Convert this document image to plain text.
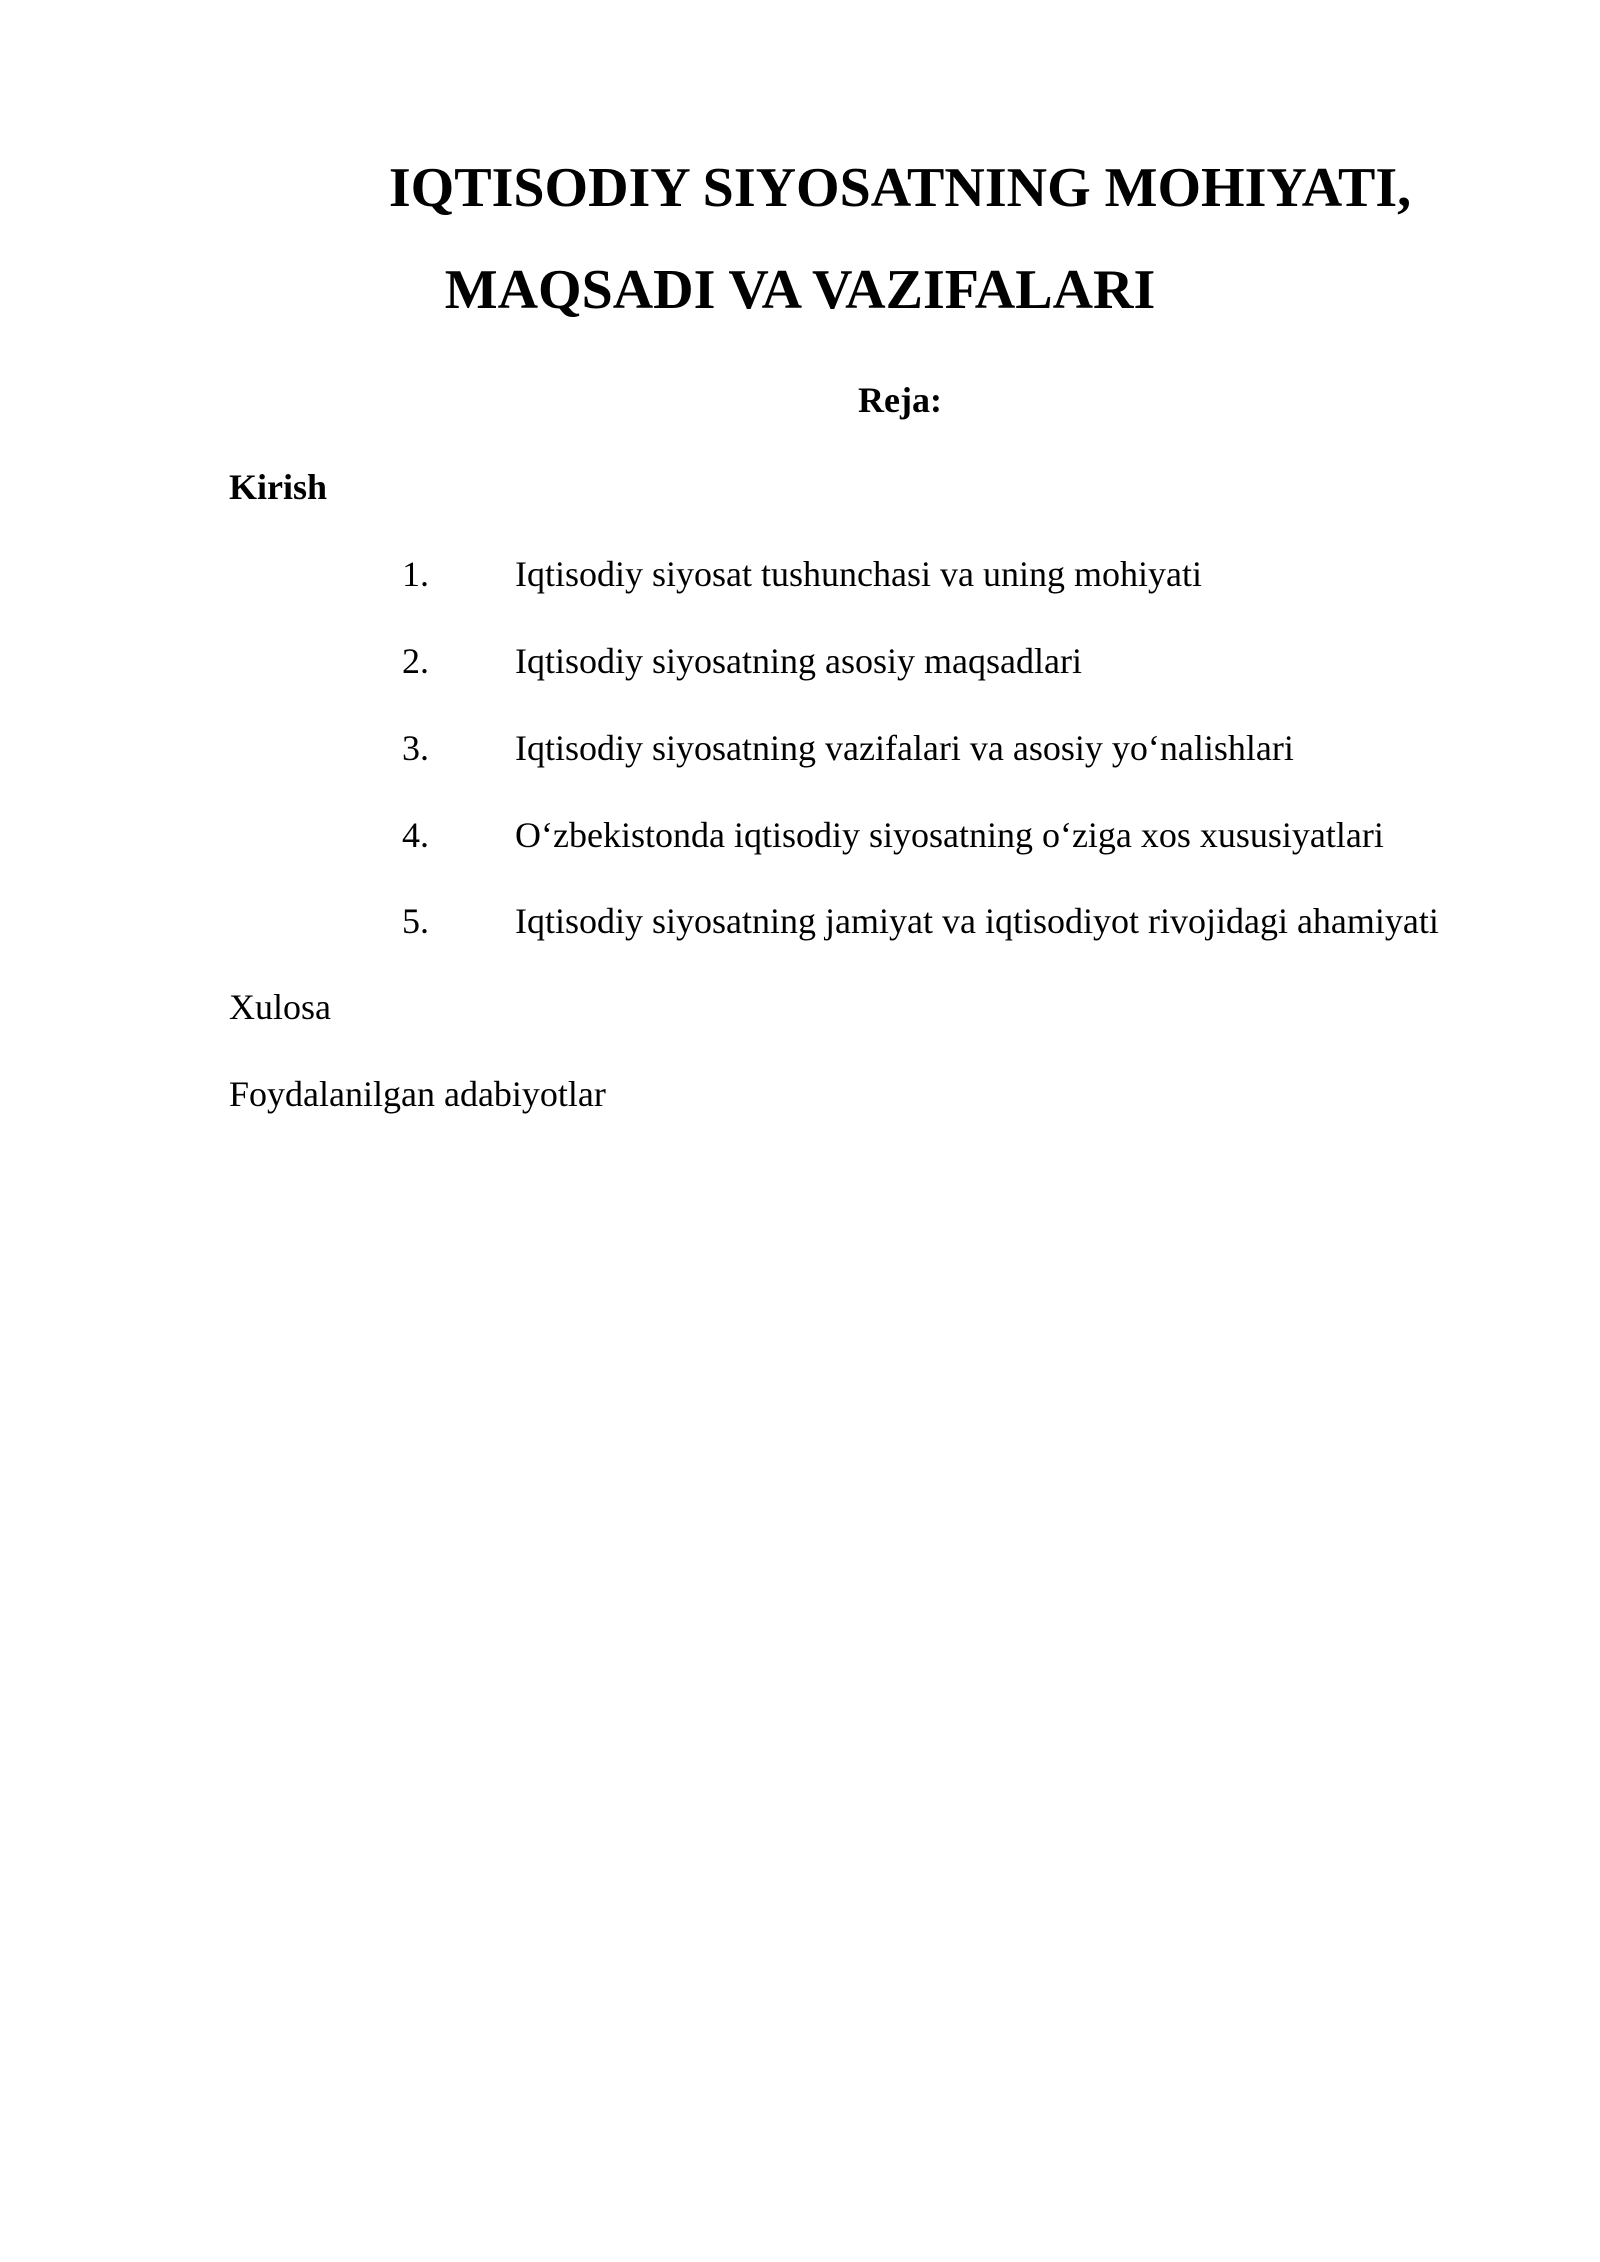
IQTISODIY SIYOSATNING MOHIYATI,
MAQSADI VA VAZIFALARI

Reja:

Kirish

1. Iqtisodiy siyosat tushunchasi va uning mohiyati
2. Iqtisodiy siyosatning asosiy maqsadlari
3. Iqtisodiy siyosatning vazifalari va asosiy yo‘nalishlari
4. O‘zbekistonda iqtisodiy siyosatning o‘ziga xos xususiyatlari
5. Iqtisodiy siyosatning jamiyat va iqtisodiyot rivojidagi ahamiyati

Xulosa

Foydalanilgan adabiyotlar
